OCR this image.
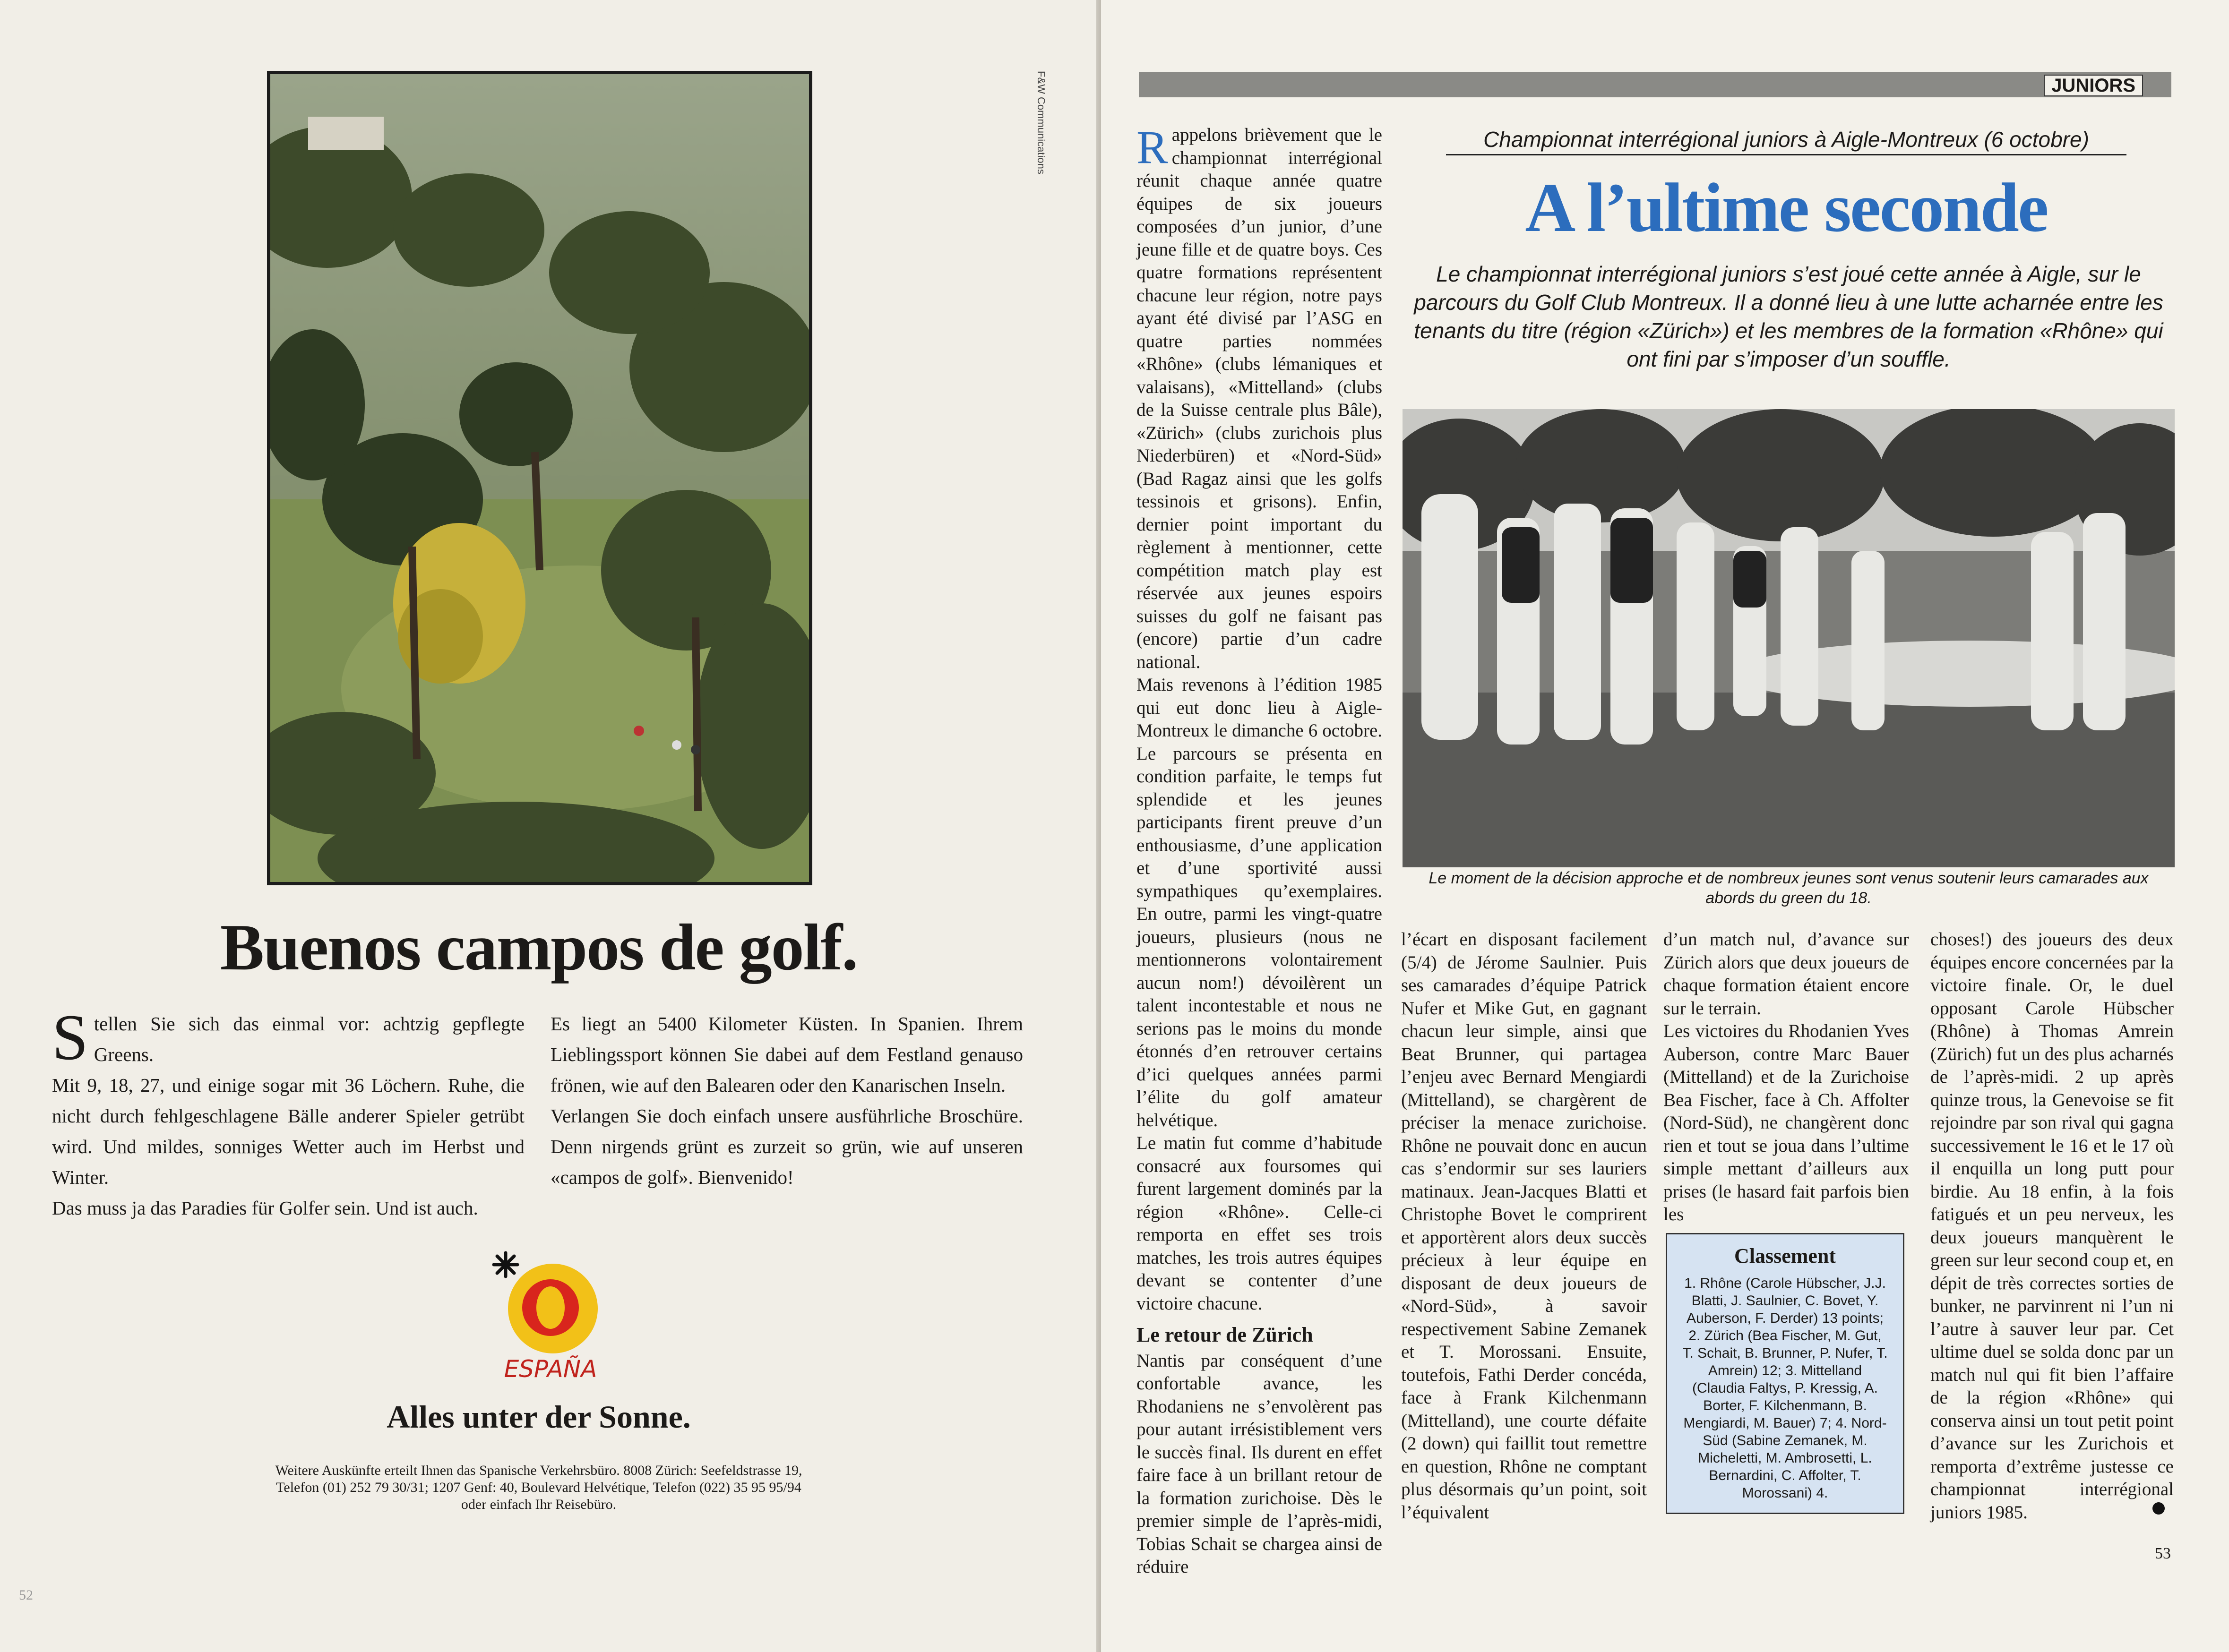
F&W Communications
Buenos campos de golf.
S tellen Sie sich das einmal vor: achtzig gepflegte Greens.

Mit 9, 18, 27, und einige sogar mit 36 Löchern. Ruhe, die nicht durch fehlgeschlagene Bälle anderer Spieler getrübt wird. Und mildes, sonniges Wetter auch im Herbst und Winter.

Das muss ja das Paradies für Golfer sein. Und ist auch.

Es liegt an 5400 Kilometer Küsten. In Spanien. Ihrem Lieblingssport können Sie dabei auf dem Festland genauso frönen, wie auf den Balearen oder den Kanarischen Inseln.

Verlangen Sie doch einfach unsere ausführliche Broschüre. Denn nirgends grünt es zurzeit so grün, wie auf unseren «campos de golf». Bienvenido!

ESPAÑA
Alles unter der Sonne.
Weitere Auskünfte erteilt Ihnen das Spanische Verkehrsbüro. 8008 Zürich: Seefeldstrasse 19,
Telefon (01) 252 79 30/31; 1207 Genf: 40, Boulevard Helvétique, Telefon (022) 35 95 95/94
oder einfach Ihr Reisebüro.
52
JUNIORS
Championnat interrégional juniors à Aigle-Montreux (6 octobre)
A l’ultime seconde
Le championnat interrégional juniors s’est joué cette année à Aigle, sur le parcours du Golf Club Montreux. Il a donné lieu à une lutte acharnée entre les tenants du titre (région «Zürich») et les membres de la formation «Rhône» qui ont fini par s’imposer d’un souffle.
Le moment de la décision approche et de nombreux jeunes sont venus soutenir leurs camarades aux abords du green du 18.
R appelons brièvement que le championnat interrégional réunit chaque année quatre équipes de six joueurs composées d’un junior, d’une jeune fille et de quatre boys. Ces quatre formations représentent chacune leur région, notre pays ayant été divisé par l’ASG en quatre parties nommées «Rhône» (clubs lémaniques et valaisans), «Mittelland» (clubs de la Suisse centrale plus Bâle), «Zürich» (clubs zurichois plus Niederbüren) et «Nord-Süd» (Bad Ragaz ainsi que les golfs tessinois et grisons). Enfin, dernier point important du règlement à mentionner, cette compétition match play est réservée aux jeunes espoirs suisses du golf ne faisant pas (encore) partie d’un cadre national.

Mais revenons à l’édition 1985 qui eut donc lieu à Aigle-Montreux le dimanche 6 octobre. Le parcours se présenta en condition parfaite, le temps fut splendide et les jeunes participants firent preuve d’un enthousiasme, d’une application et d’une sportivité aussi sympathiques qu’exemplaires. En outre, parmi les vingt-quatre joueurs, plusieurs (nous ne mentionnerons volontairement aucun nom!) dévoilèrent un talent incontestable et nous ne serions pas le moins du monde étonnés d’en retrouver certains d’ici quelques années parmi l’élite du golf amateur helvétique.

Le matin fut comme d’habitude consacré aux foursomes qui furent largement dominés par la région «Rhône». Celle-ci remporta en effet ses trois matches, les trois autres équipes devant se contenter d’une victoire chacune.

Le retour de Zürich

Nantis par conséquent d’une confortable avance, les Rhodaniens ne s’envolèrent pas pour autant irrésistiblement vers le succès final. Ils durent en effet faire face à un brillant retour de la formation zurichoise. Dès le premier simple de l’après-midi, Tobias Schait se chargea ainsi de réduire

l’écart en disposant facilement (5/4) de Jérome Saulnier. Puis ses camarades d’équipe Patrick Nufer et Mike Gut, en gagnant chacun leur simple, ainsi que Beat Brunner, qui partagea l’enjeu avec Bernard Mengiardi (Mittelland), se chargèrent de préciser la menace zurichoise. Rhône ne pouvait donc en aucun cas s’endormir sur ses lauriers matinaux. Jean-Jacques Blatti et Christophe Bovet le comprirent et apportèrent alors deux succès précieux à leur équipe en disposant de deux joueurs de «Nord-Süd», à savoir respectivement Sabine Zemanek et T. Morossani. Ensuite, toutefois, Fathi Derder concéda, face à Frank Kilchenmann (Mittelland), une courte défaite (2 down) qui faillit tout remettre en question, Rhône ne comptant plus désormais qu’un point, soit l’équivalent

d’un match nul, d’avance sur Zürich alors que deux joueurs de chaque formation étaient encore sur le terrain.

Les victoires du Rhodanien Yves Auberson, contre Marc Bauer (Mittelland) et de la Zurichoise Bea Fischer, face à Ch. Affolter (Nord-Süd), ne changèrent donc rien et tout se joua dans l’ultime simple mettant d’ailleurs aux prises (le hasard fait parfois bien les

Classement
1. Rhône (Carole Hübscher, J.J. Blatti, J. Saulnier, C. Bovet, Y. Auberson, F. Derder) 13 points; 2. Zürich (Bea Fischer, M. Gut, T. Schait, B. Brunner, P. Nufer, T. Amrein) 12; 3. Mittelland (Claudia Faltys, P. Kressig, A. Borter, F. Kilchenmann, B. Mengiardi, M. Bauer) 7; 4. Nord-Süd (Sabine Zemanek, M. Micheletti, M. Ambrosetti, L. Bernardini, C. Affolter, T. Morossani) 4.

choses!) des joueurs des deux équipes encore concernées par la victoire finale. Or, le duel opposant Carole Hübscher (Rhône) à Thomas Amrein (Zürich) fut un des plus acharnés de l’après-midi. 2 up après quinze trous, la Genevoise se fit rejoindre par son rival qui gagna successivement le 16 et le 17 où il enquilla un long putt pour birdie. Au 18 enfin, à la fois fatigués et un peu nerveux, les deux joueurs manquèrent le green sur leur second coup et, en dépit de très correctes sorties de bunker, ne parvinrent ni l’un ni l’autre à sauver leur par. Cet ultime duel se solda donc par un match nul qui fit bien l’affaire de la région «Rhône» qui conserva ainsi un tout petit point d’avance sur les Zurichois et remporta d’extrême justesse ce championnat interrégional juniors 1985.

53
